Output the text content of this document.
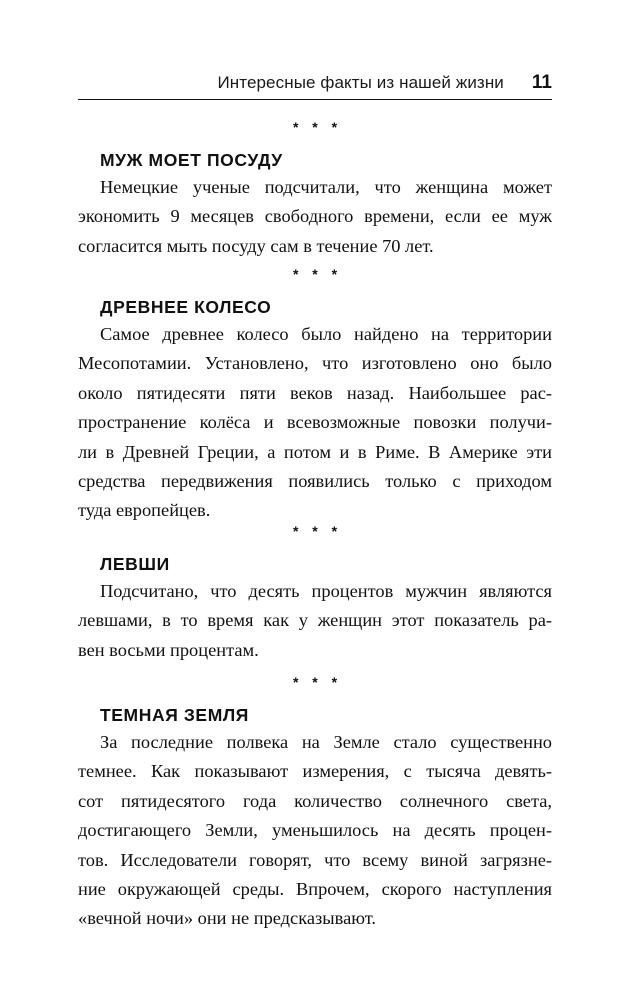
Интересные факты из нашей жизни 11
* * *
МУЖ МОЕТ ПОСУДУ
Немецкие ученые подсчитали, что женщина может
экономить 9 месяцев свободного времени, если ее муж
согласится мыть посуду сам в течение 70 лет.
* * *
ДРЕВНЕЕ КОЛЕСО
Самое древнее колесо было найдено на территории
Месопотамии. Установлено, что изготовлено оно было
около пятидесяти пяти веков назад. Наибольшее рас-
пространение колёса и всевозможные повозки получи-
ли в Древней Греции, а потом и в Риме. В Америке эти
средства передвижения появились только с приходом
туда европейцев.
* * *
ЛЕВШИ
Подсчитано, что десять процентов мужчин являются
левшами, в то время как у женщин этот показатель ра-
вен восьми процентам.
* * *
ТЕМНАЯ ЗЕМЛЯ
За последние полвека на Земле стало существенно
темнее. Как показывают измерения, с тысяча девять-
сот пятидесятого года количество солнечного света,
достигающего Земли, уменьшилось на десять процен-
тов. Исследователи говорят, что всему виной загрязне-
ние окружающей среды. Впрочем, скорого наступления
«вечной ночи» они не предсказывают.
